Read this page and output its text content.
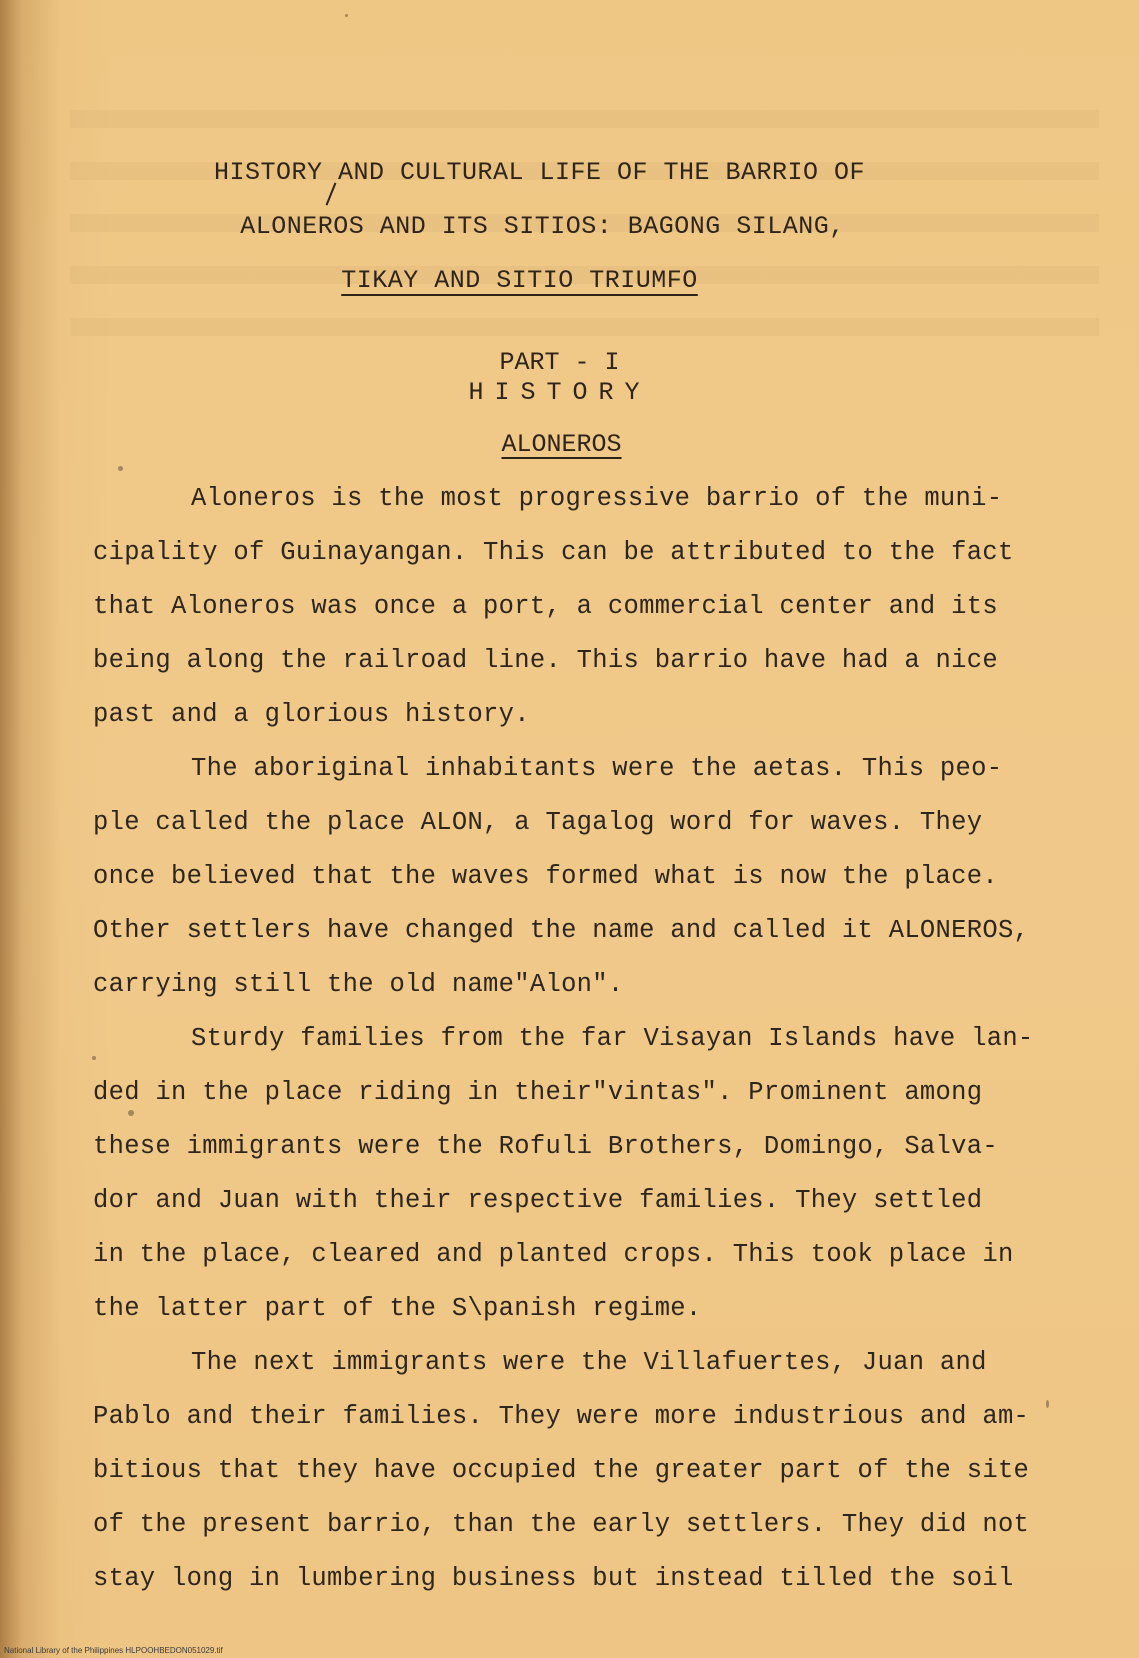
HISTORY AND CULTURAL LIFE OF THE BARRIO OF
ALONEROS AND ITS SITIOS: BAGONG SILANG,
TIKAY AND SITIO TRIUMFO
PART - I
HISTORY
ALONEROS
Aloneros is the most progressive barrio of the muni-
cipality of Guinayangan. This can be attributed to the fact
that Aloneros was once a port, a commercial center and its
being along the railroad line. This barrio have had a nice
past and a glorious history.
The aboriginal inhabitants were the aetas. This peo-
ple called the place ALON, a Tagalog word for waves. They
once believed that the waves formed what is now the place.
Other settlers have changed the name and called it ALONEROS,
carrying still the old name"Alon".
Sturdy families from the far Visayan Islands have lan-
ded in the place riding in their"vintas". Prominent among
these immigrants were the Rofuli Brothers, Domingo, Salva-
dor and Juan with their respective families. They settled
in the place, cleared and planted crops. This took place in
the latter part of the S\panish regime.
The next immigrants were the Villafuertes, Juan and
Pablo and their families. They were more industrious and am-
bitious that they have occupied the greater part of the site
of the present barrio, than the early settlers. They did not
stay long in lumbering business but instead tilled the soil
National Library of the Philippines HLPOOHBEDON051029.tif
